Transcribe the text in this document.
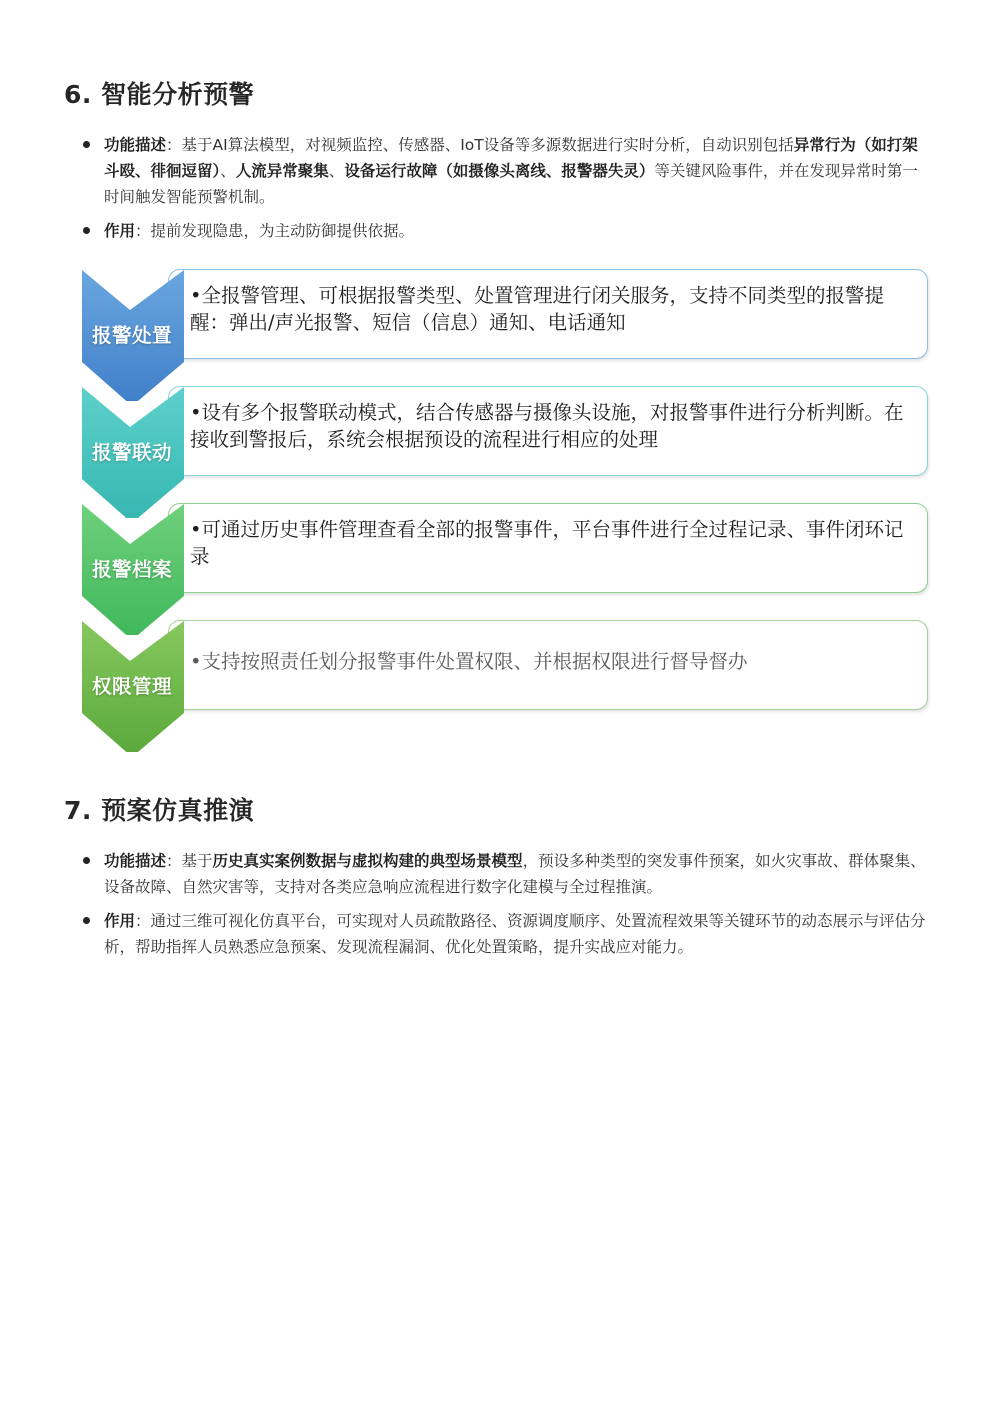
6. 智能分析预警
功能描述：基于AI算法模型，对视频监控、传感器、IoT设备等多源数据进行实时分析，自动识别包括异常行为（如打架斗殴、徘徊逗留）、人流异常聚集、设备运行故障（如摄像头离线、报警器失灵）等关键风险事件，并在发现异常时第一时间触发智能预警机制。
作用：提前发现隐患，为主动防御提供依据。
报警处置
•全报警管理、可根据报警类型、处置管理进行闭关服务，支持不同类型的报警提醒：弹出/声光报警、短信（信息）通知、电话通知
报警联动
•设有多个报警联动模式，结合传感器与摄像头设施，对报警事件进行分析判断。在接收到警报后，系统会根据预设的流程进行相应的处理
报警档案
•可通过历史事件管理查看全部的报警事件，平台事件进行全过程记录、事件闭环记录
权限管理
•支持按照责任划分报警事件处置权限、并根据权限进行督导督办
7. 预案仿真推演
功能描述：基于历史真实案例数据与虚拟构建的典型场景模型，预设多种类型的突发事件预案，如火灾事故、群体聚集、设备故障、自然灾害等，支持对各类应急响应流程进行数字化建模与全过程推演。
作用：通过三维可视化仿真平台，可实现对人员疏散路径、资源调度顺序、处置流程效果等关键环节的动态展示与评估分析，帮助指挥人员熟悉应急预案、发现流程漏洞、优化处置策略，提升实战应对能力。
